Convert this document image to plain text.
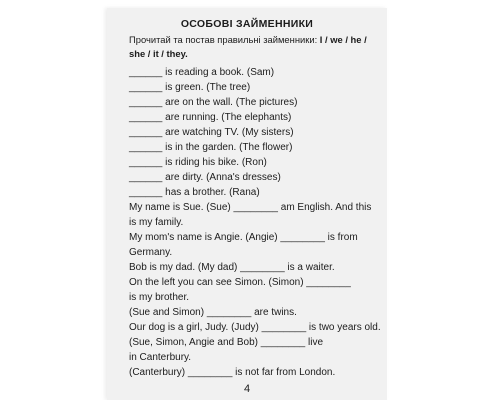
ОСОБОВІ ЗАЙМЕННИКИ
Прочитай та постав правильні займенники: I / we / he / she / it / they.
______ is reading a book. (Sam)
______ is green. (The tree)
______ are on the wall. (The pictures)
______ are running. (The elephants)
______ are watching TV. (My sisters)
______ is in the garden. (The flower)
______ is riding his bike. (Ron)
______ are dirty. (Anna's dresses)
______ has a brother. (Rana)
My name is Sue. (Sue) ________ am English. And this
is my family.
My mom's name is Angie. (Angie) ________ is from
Germany.
Bob is my dad. (My dad) ________ is a waiter.
On the left you can see Simon. (Simon) ________
is my brother.
(Sue and Simon) ________ are twins.
Our dog is a girl, Judy. (Judy) ________ is two years old.
(Sue, Simon, Angie and Bob) ________ live
in Canterbury.
(Canterbury) ________ is not far from London.
4
